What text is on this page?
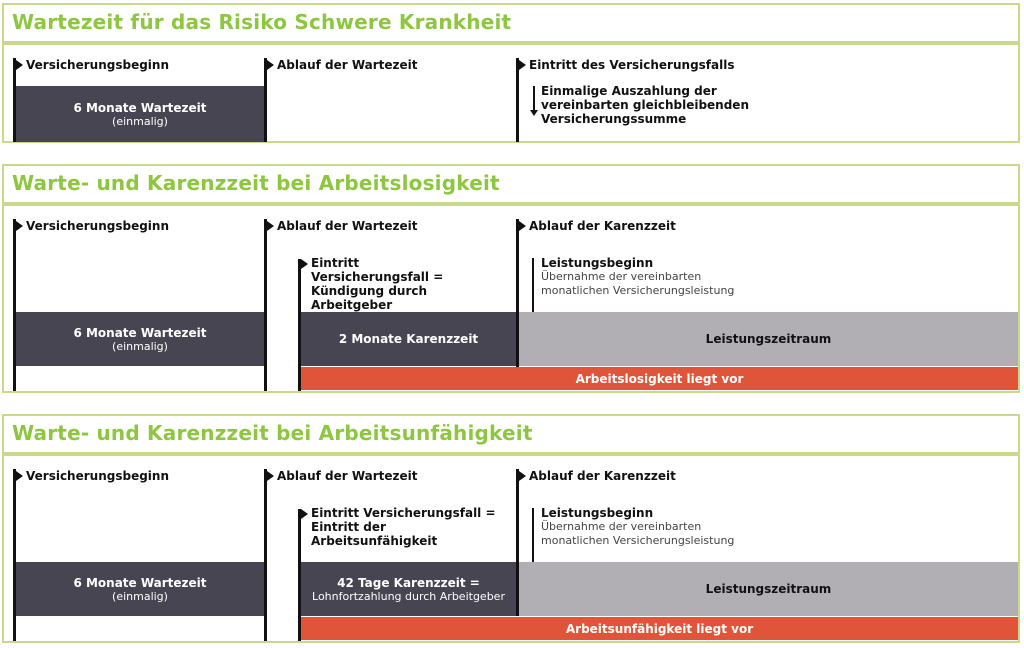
Wartezeit für das Risiko Schwere Krankheit
Versicherungsbeginn	Ablauf der Wartezeit	Eintritt des Versicherungsfalls
6 Monate Wartezeit
(einmalig)
Einmalige Auszahlung der vereinbarten gleichbleibenden Versicherungssumme
Warte- und Karenzzeit bei Arbeitslosigkeit
Versicherungsbeginn	Ablauf der Wartezeit	Ablauf der Karenzzeit
Eintritt Versicherungsfall = Kündigung durch Arbeitgeber
Leistungsbeginn
Übernahme der vereinbarten monatlichen Versicherungsleistung
6 Monate Wartezeit
(einmalig)	2 Monate Karenzzeit	Leistungszeitraum
Arbeitslosigkeit liegt vor
Warte- und Karenzzeit bei Arbeitsunfähigkeit
Versicherungsbeginn	Ablauf der Wartezeit	Ablauf der Karenzzeit
Eintritt Versicherungsfall = Eintritt der Arbeitsunfähigkeit
Leistungsbeginn
Übernahme der vereinbarten monatlichen Versicherungsleistung
6 Monate Wartezeit
(einmalig)
42 Tage Karenzzeit =
Lohnfortzahlung durch Arbeitgeber	Leistungszeitraum
Arbeitsunfähigkeit liegt vor
